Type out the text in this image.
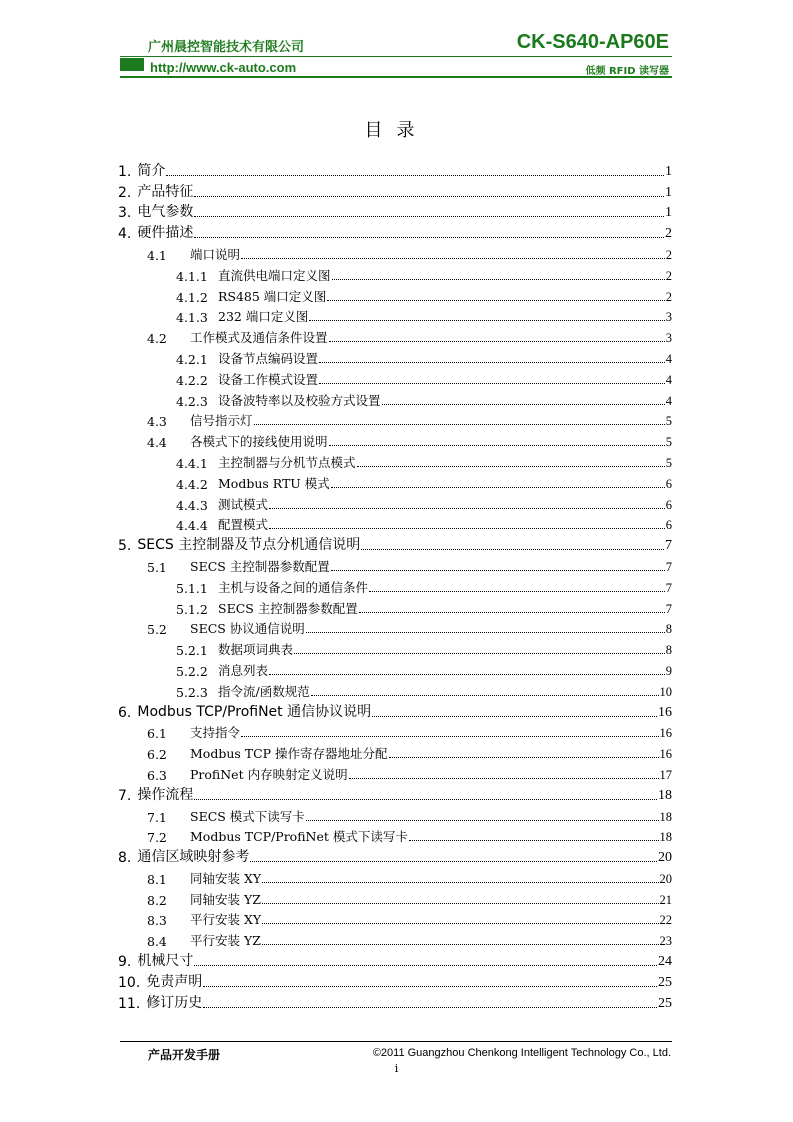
广州晨控智能技术有限公司	CK-S640-AP60E
http://www.ck-auto.com	低频 RFID 读写器
目录
1. 简介	1
2. 产品特征	1
3. 电气参数	1
4. 硬件描述	2
4.1	端口说明	2
4.1.1 直流供电端口定义图	2
4.1.2 RS485 端口定义图	2
4.1.3 232 端口定义图	3
4.2	工作模式及通信条件设置	3
4.2.1 设备节点编码设置	4
4.2.2 设备工作模式设置	4
4.2.3 设备波特率以及校验方式设置	4
4.3	信号指示灯	5
4.4	各模式下的接线使用说明	5
4.4.1 主控制器与分机节点模式	5
4.4.2 Modbus RTU 模式	6
4.4.3 测试模式	6
4.4.4 配置模式	6
5. SECS 主控制器及节点分机通信说明	7
5.1	SECS 主控制器参数配置	7
5.1.1 主机与设备之间的通信条件	7
5.1.2 SECS 主控制器参数配置	7
5.2	SECS 协议通信说明	8
5.2.1 数据项词典表	8
5.2.2 消息列表	9
5.2.3 指令流/函数规范	10
6. Modbus TCP/ProfiNet 通信协议说明	16
6.1	支持指令	16
6.2	Modbus TCP 操作寄存器地址分配	16
6.3	ProfiNet 内存映射定义说明	17
7. 操作流程	18
7.1	SECS 模式下读写卡	18
7.2	Modbus TCP/ProfiNet 模式下读写卡	18
8. 通信区域映射参考	20
8.1	同轴安装 XY	20
8.2	同轴安装 YZ	21
8.3	平行安装 XY	22
8.4	平行安装 YZ	23
9. 机械尺寸	24
10. 免责声明	25
11. 修订历史	25
产品开发手册	©2011 Guangzhou Chenkong Intelligent Technology Co., Ltd.
i
